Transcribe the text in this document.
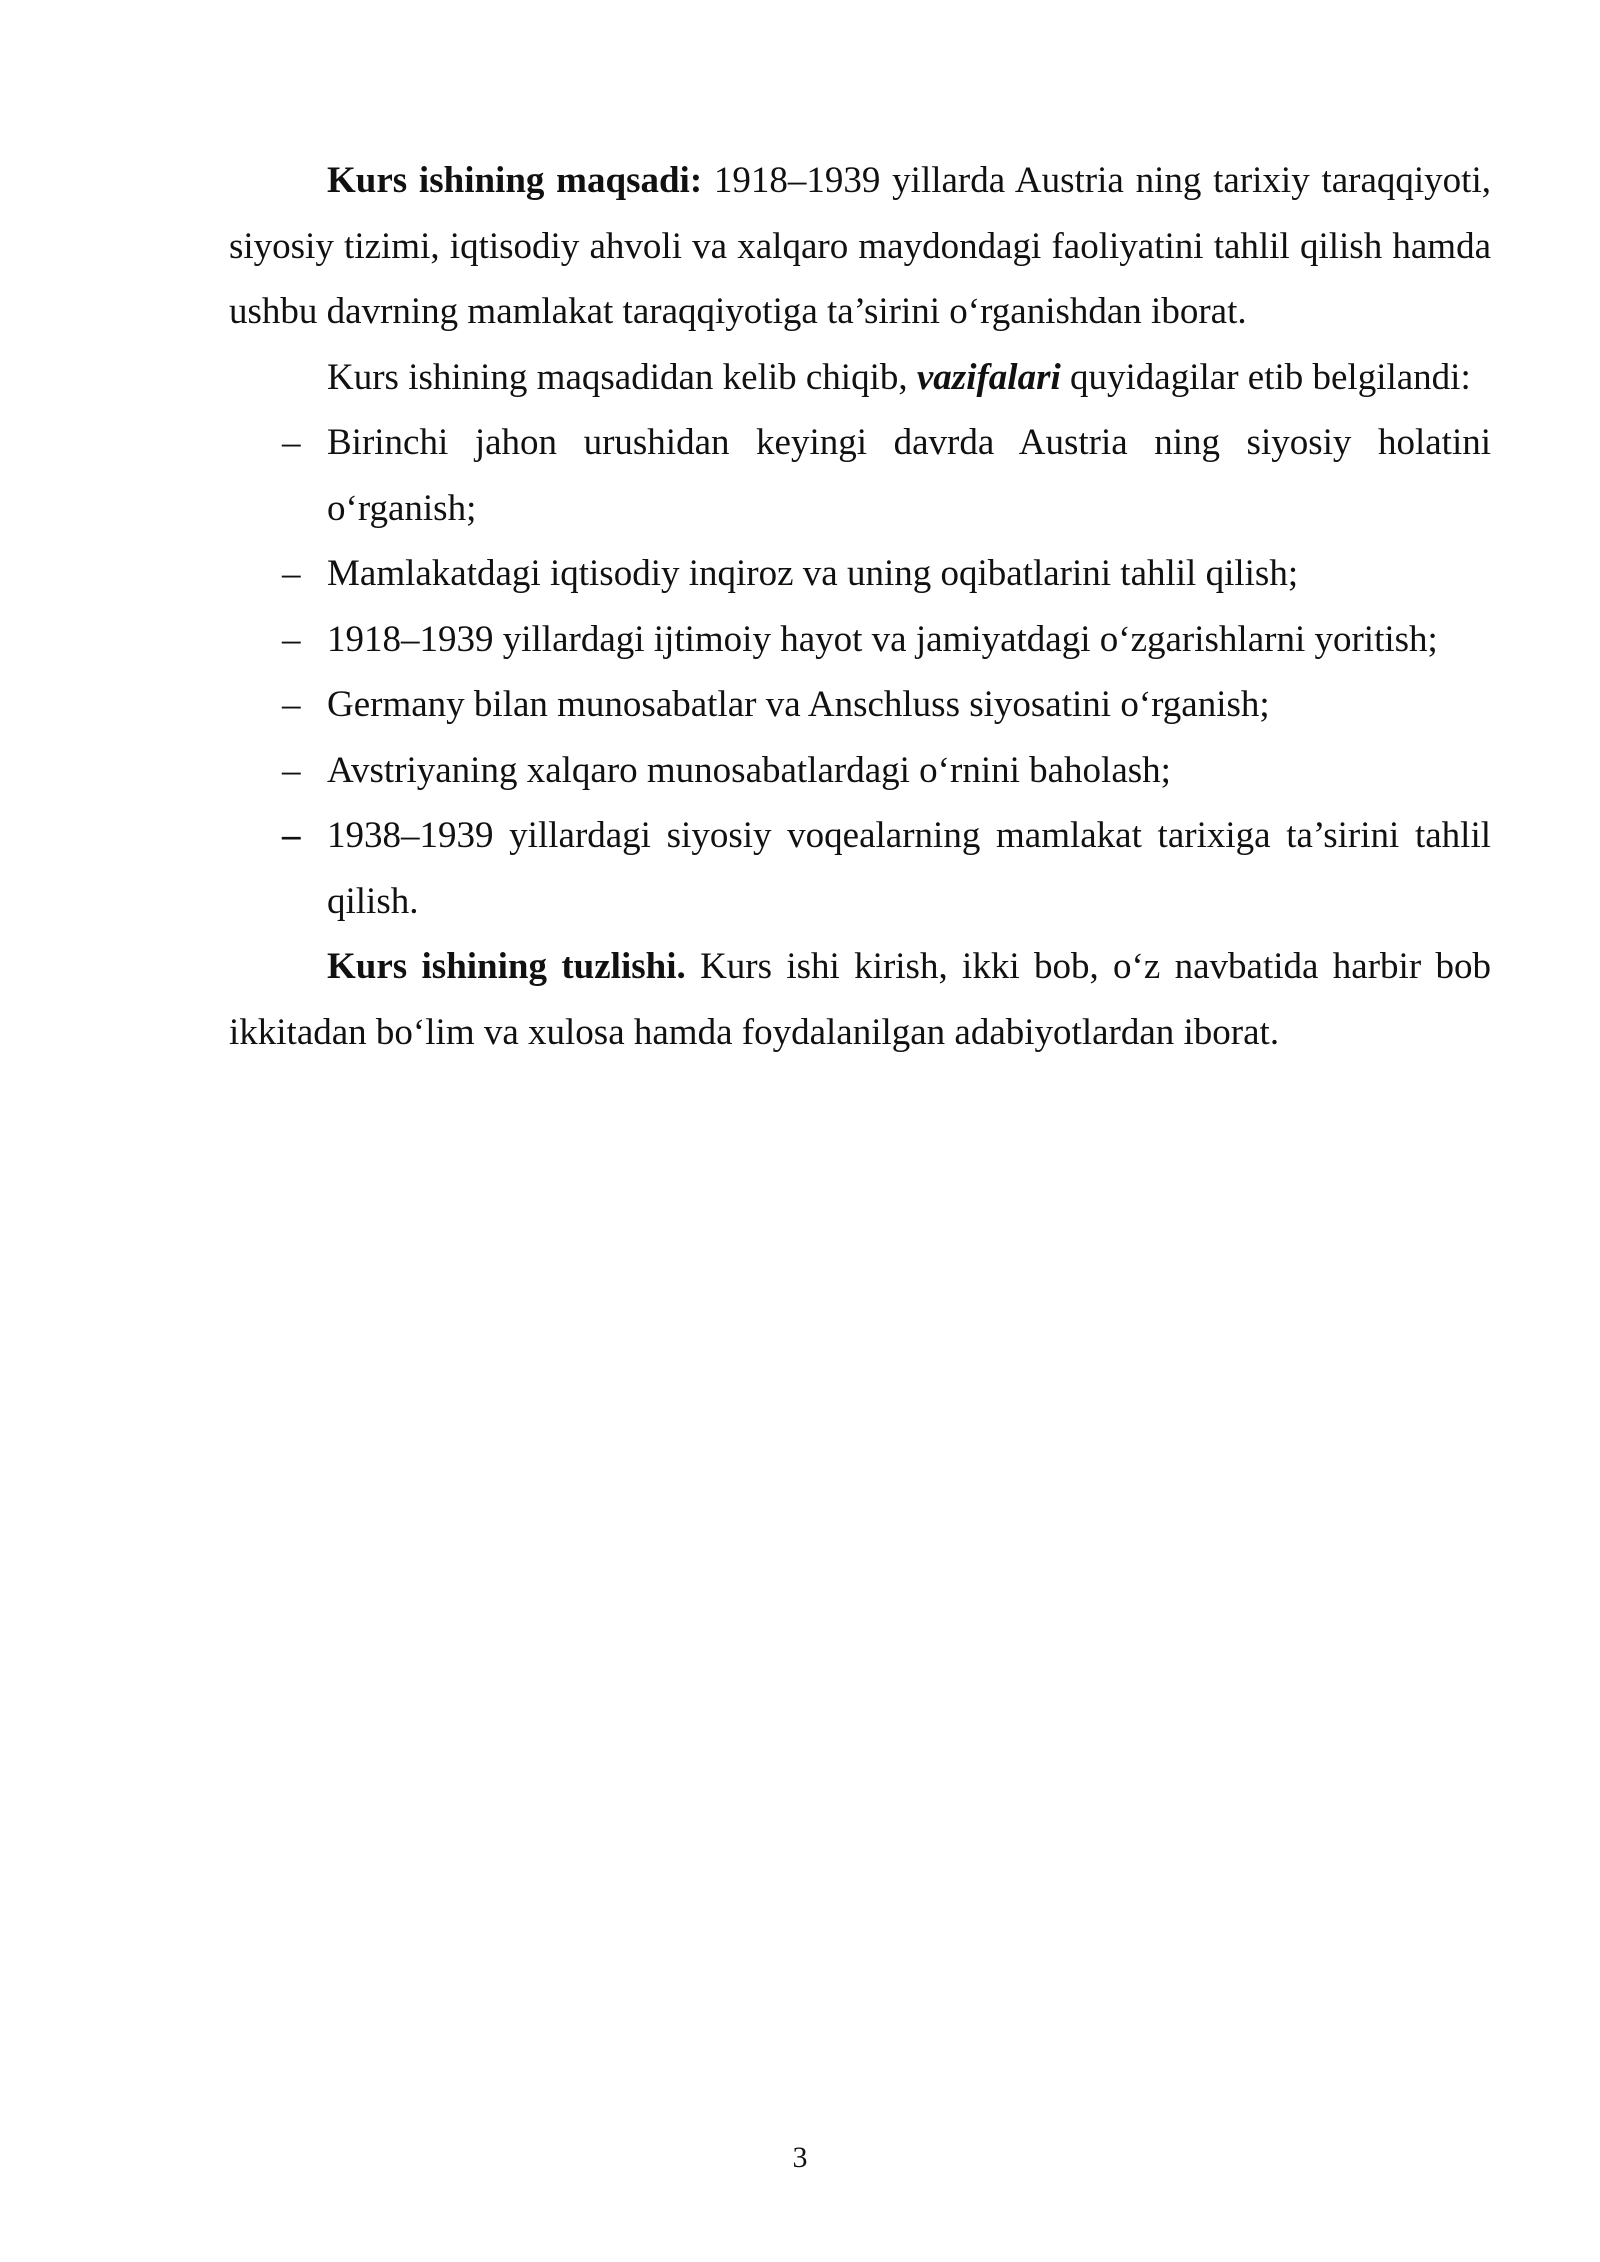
Kurs ishining maqsadi: 1918–1939 yillarda Austria ning tarixiy taraqqiyoti, siyosiy tizimi, iqtisodiy ahvoli va xalqaro maydondagi faoliyatini tahlil qilish hamda ushbu davrning mamlakat taraqqiyotiga ta’sirini o‘rganishdan iborat.

Kurs ishining maqsadidan kelib chiqib, vazifalari quyidagilar etib belgilandi:

– Birinchi jahon urushidan keyingi davrda Austria ning siyosiy holatini o‘rganish;
– Mamlakatdagi iqtisodiy inqiroz va uning oqibatlarini tahlil qilish;
– 1918–1939 yillardagi ijtimoiy hayot va jamiyatdagi o‘zgarishlarni yoritish;
– Germany bilan munosabatlar va Anschluss siyosatini o‘rganish;
– Avstriyaning xalqaro munosabatlardagi o‘rnini baholash;
– 1938–1939 yillardagi siyosiy voqealarning mamlakat tarixiga ta’sirini tahlil qilish.

Kurs ishining tuzlishi. Kurs ishi kirish, ikki bob, o‘z navbatida harbir bob ikkitadan bo‘lim va xulosa hamda foydalanilgan adabiyotlardan iborat.

3
